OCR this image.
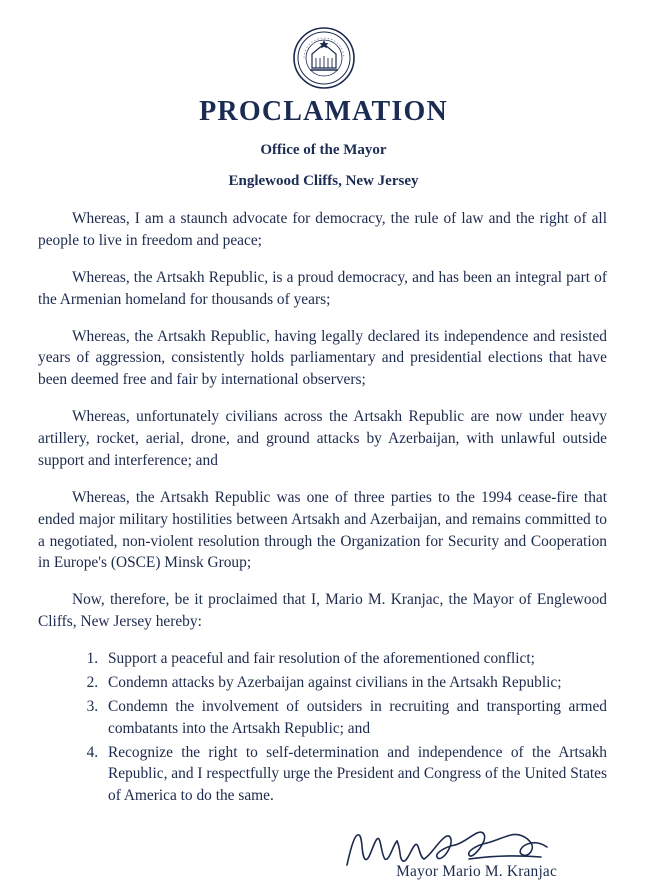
PROCLAMATION
Office of the Mayor
Englewood Cliffs, New Jersey

Whereas, I am a staunch advocate for democracy, the rule of law and the right of all people to live in freedom and peace;

Whereas, the Artsakh Republic, is a proud democracy, and has been an integral part of the Armenian homeland for thousands of years;

Whereas, the Artsakh Republic, having legally declared its independence and resisted years of aggression, consistently holds parliamentary and presidential elections that have been deemed free and fair by international observers;

Whereas, unfortunately civilians across the Artsakh Republic are now under heavy artillery, rocket, aerial, drone, and ground attacks by Azerbaijan, with unlawful outside support and interference; and

Whereas, the Artsakh Republic was one of three parties to the 1994 cease-fire that ended major military hostilities between Artsakh and Azerbaijan, and remains committed to a negotiated, non-violent resolution through the Organization for Security and Cooperation in Europe's (OSCE) Minsk Group;

Now, therefore, be it proclaimed that I, Mario M. Kranjac, the Mayor of Englewood Cliffs, New Jersey hereby:

1. Support a peaceful and fair resolution of the aforementioned conflict;
2. Condemn attacks by Azerbaijan against civilians in the Artsakh Republic;
3. Condemn the involvement of outsiders in recruiting and transporting armed combatants into the Artsakh Republic; and
4. Recognize the right to self-determination and independence of the Artsakh Republic, and I respectfully urge the President and Congress of the United States of America to do the same.
Mayor Mario M. Kranjac
